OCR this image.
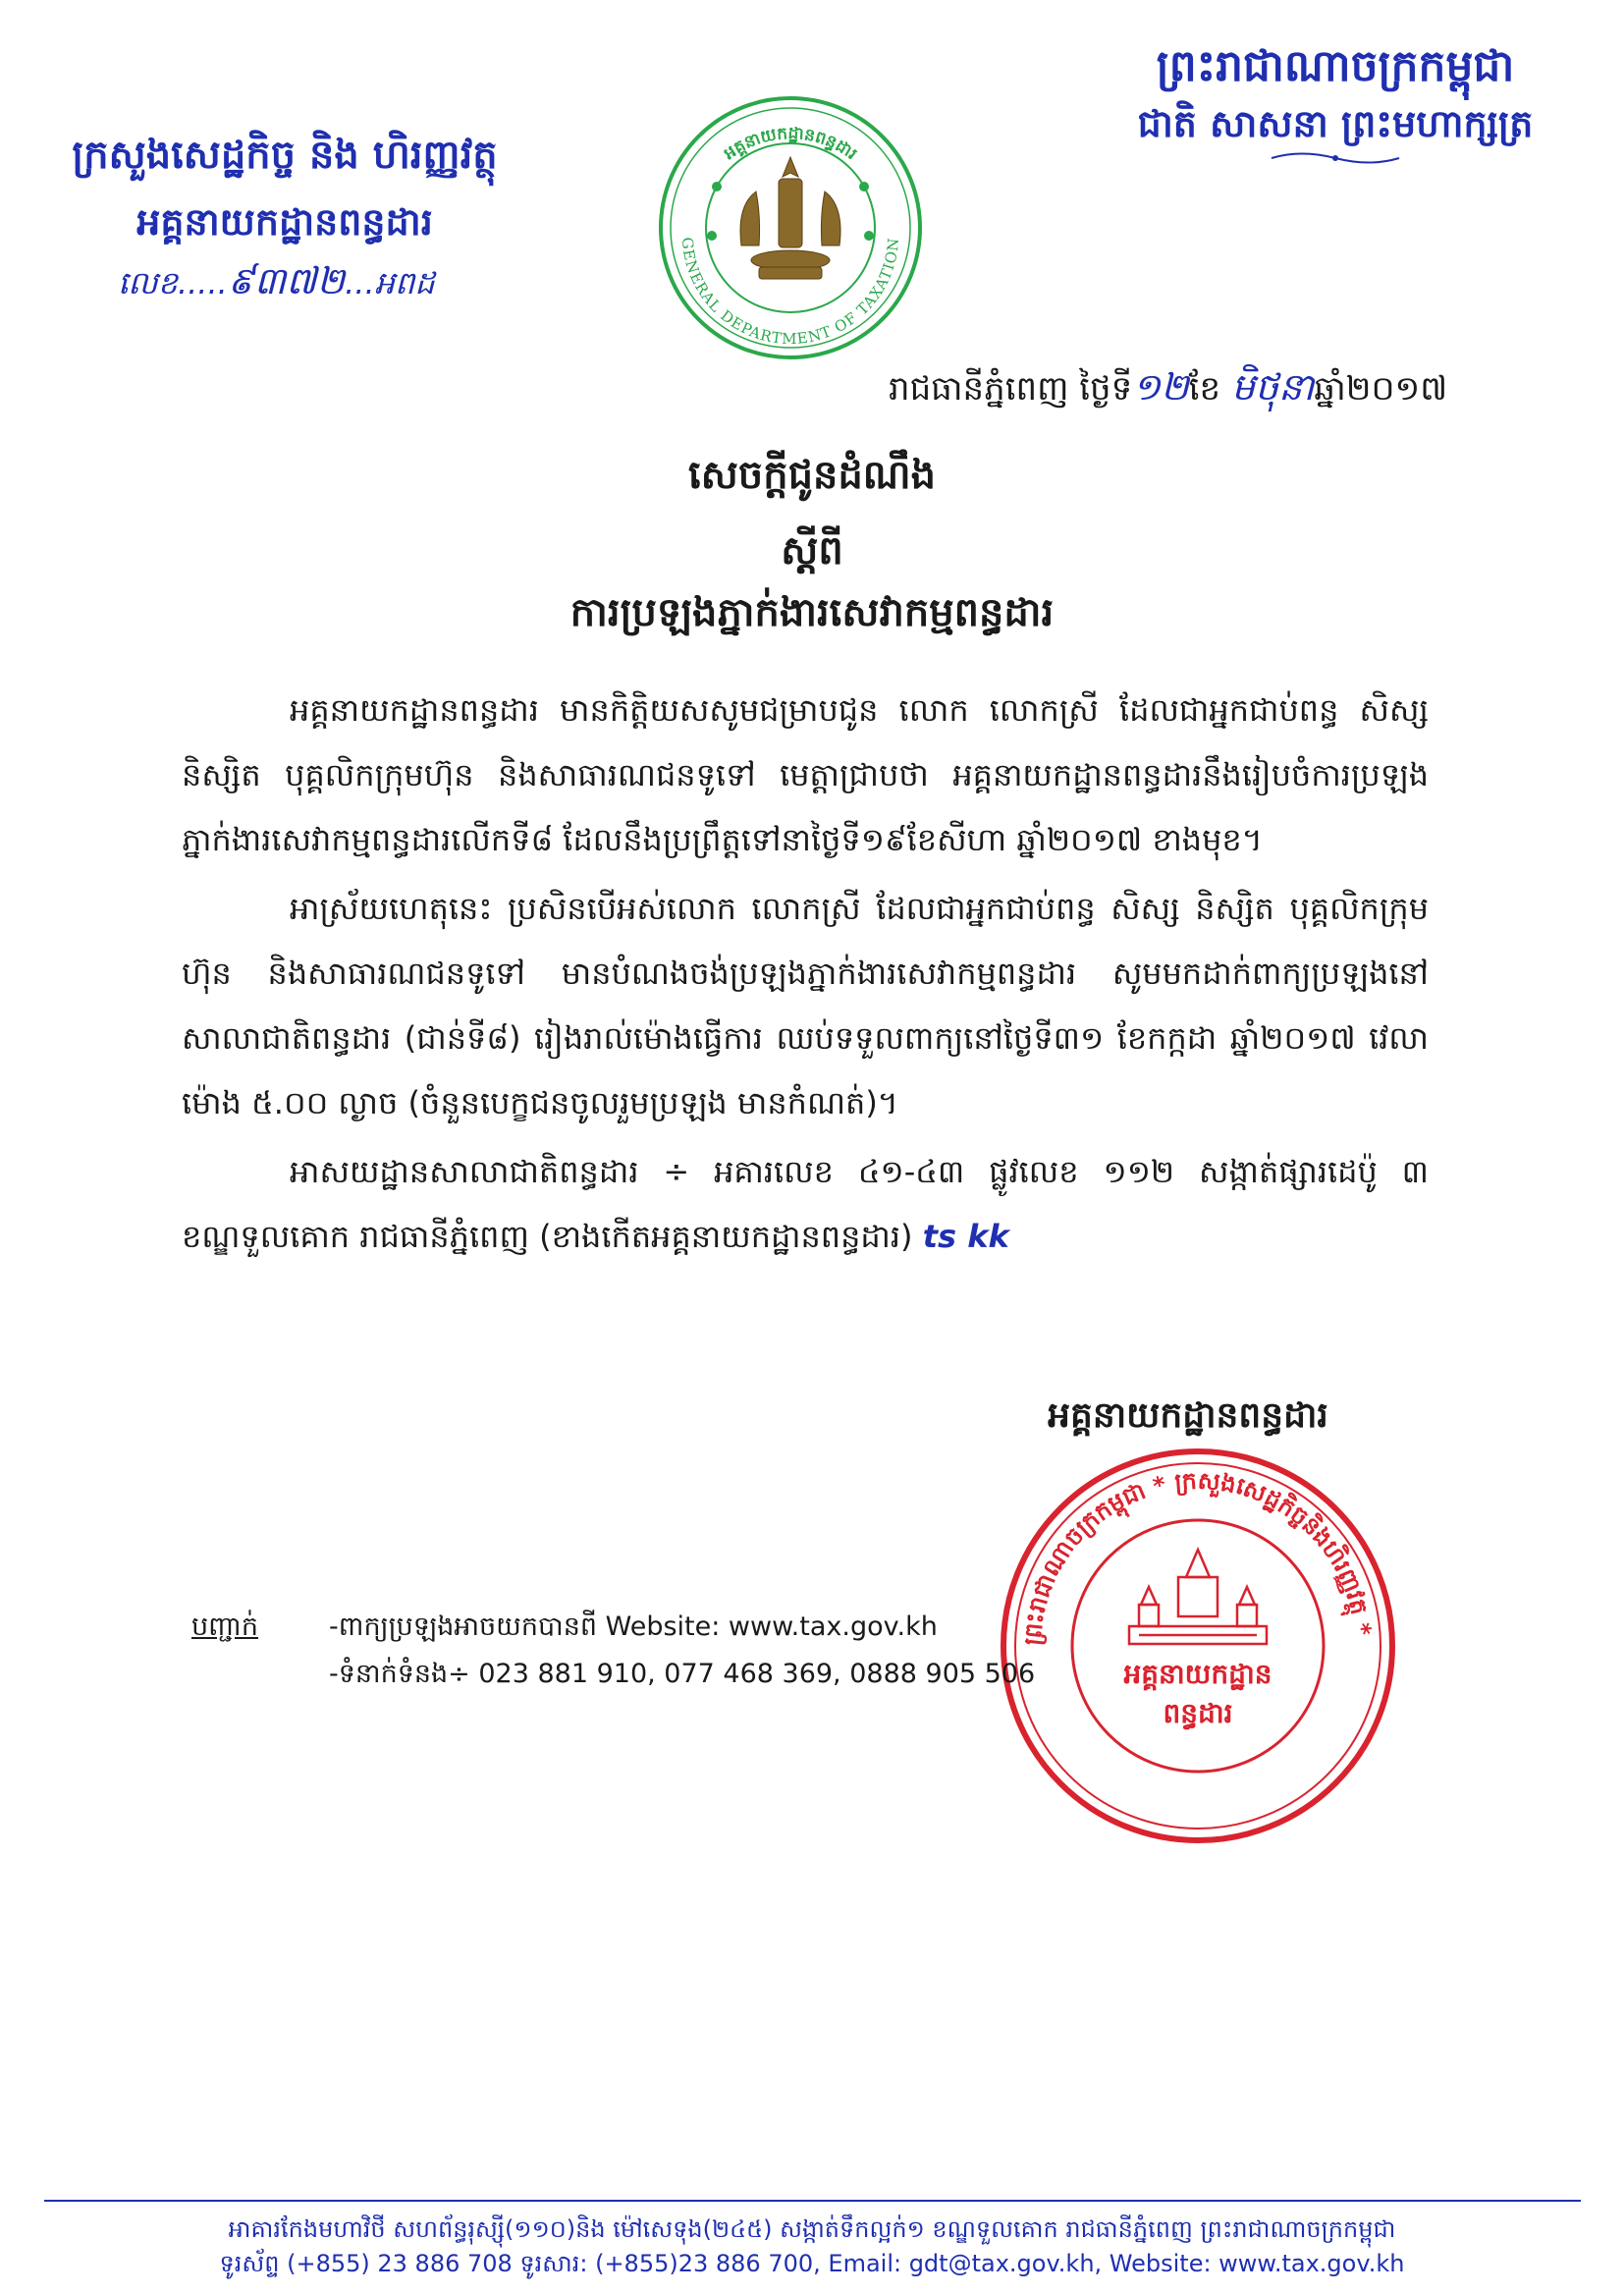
ព្រះរាជាណាចក្រកម្ពុជា
ជាតិ សាសនា ព្រះមហាក្សត្រ
ក្រសួងសេដ្ឋកិច្ច និង ហិរញ្ញវត្ថុ
អគ្គនាយកដ្ឋានពន្ធដារ
លេខ.....៩៣៧២...អពដ
GENERAL DEPARTMENT OF TAXATION
អគ្គនាយកដ្ឋានពន្ធដារ
រាជធានីភ្នំពេញ ថ្ងៃទី១២ខែ មិថុនាឆ្នាំ២០១៧
សេចក្តីជូនដំណឹង
ស្តីពី
ការប្រឡងភ្នាក់ងារសេវាកម្មពន្ធដារ

អគ្គនាយកដ្ឋានពន្ធដារ មានកិត្តិយសសូមជម្រាបជូន លោក លោកស្រី ដែលជាអ្នកជាប់ពន្ធ សិស្ស និស្សិត បុគ្គលិកក្រុមហ៊ុន និងសាធារណជនទូទៅ មេត្តាជ្រាបថា អគ្គនាយកដ្ឋានពន្ធដារនឹងរៀបចំការប្រឡងភ្នាក់ងារសេវាកម្មពន្ធដារលើកទី៨ ដែលនឹងប្រព្រឹត្តទៅនាថ្ងៃទី១៩ខែសីហា ឆ្នាំ២០១៧ ខាងមុខ។

អាស្រ័យហេតុនេះ ប្រសិនបើអស់លោក លោកស្រី ដែលជាអ្នកជាប់ពន្ធ សិស្ស និស្សិត បុគ្គលិកក្រុមហ៊ុន និងសាធារណជនទូទៅ មានបំណងចង់ប្រឡងភ្នាក់ងារសេវាកម្មពន្ធដារ សូមមកដាក់ពាក្យប្រឡងនៅសាលាជាតិពន្ធដារ (ជាន់ទី៨) រៀងរាល់ម៉ោងធ្វើការ ឈប់ទទួលពាក្យនៅថ្ងៃទី៣១ ខែកក្កដា ឆ្នាំ២០១៧ វេលាម៉ោង ៥.០០ ល្ងាច (ចំនួនបេក្ខជនចូលរួមប្រឡង មានកំណត់)។

អាសយដ្ឋានសាលាជាតិពន្ធដារ ÷ អគារលេខ ៤១-៤៣ ផ្លូវលេខ ១១២ សង្កាត់ផ្សារដេប៉ូ ៣ ខណ្ឌទួលគោក រាជធានីភ្នំពេញ (ខាងកើតអគ្គនាយកដ្ឋានពន្ធដារ) ts kk

អគ្គនាយកដ្ឋានពន្ធដារ
ព្រះរាជាណាចក្រកម្ពុជា * ក្រសួងសេដ្ឋកិច្ចនិងហិរញ្ញវត្ថុ *
អគ្គនាយកដ្ឋាន
ពន្ធដារ
បញ្ជាក់	-ពាក្យប្រឡងអាចយកបានពី Website: www.tax.gov.kh
-ទំនាក់ទំនង÷ 023 881 910, 077 468 369, 0888 905 506
អាគារកែងមហាវិថី សហព័ន្ធរុស្ស៊ី(១១០)និង ម៉ៅសេទុង(២៤៥) សង្កាត់ទឹកល្អក់១ ខណ្ឌទួលគោក រាជធានីភ្នំពេញ ព្រះរាជាណាចក្រកម្ពុជា
ទូរស័ព្ទ (+855) 23 886 708 ទូរសារ: (+855)23 886 700, Email: gdt@tax.gov.kh, Website: www.tax.gov.kh
